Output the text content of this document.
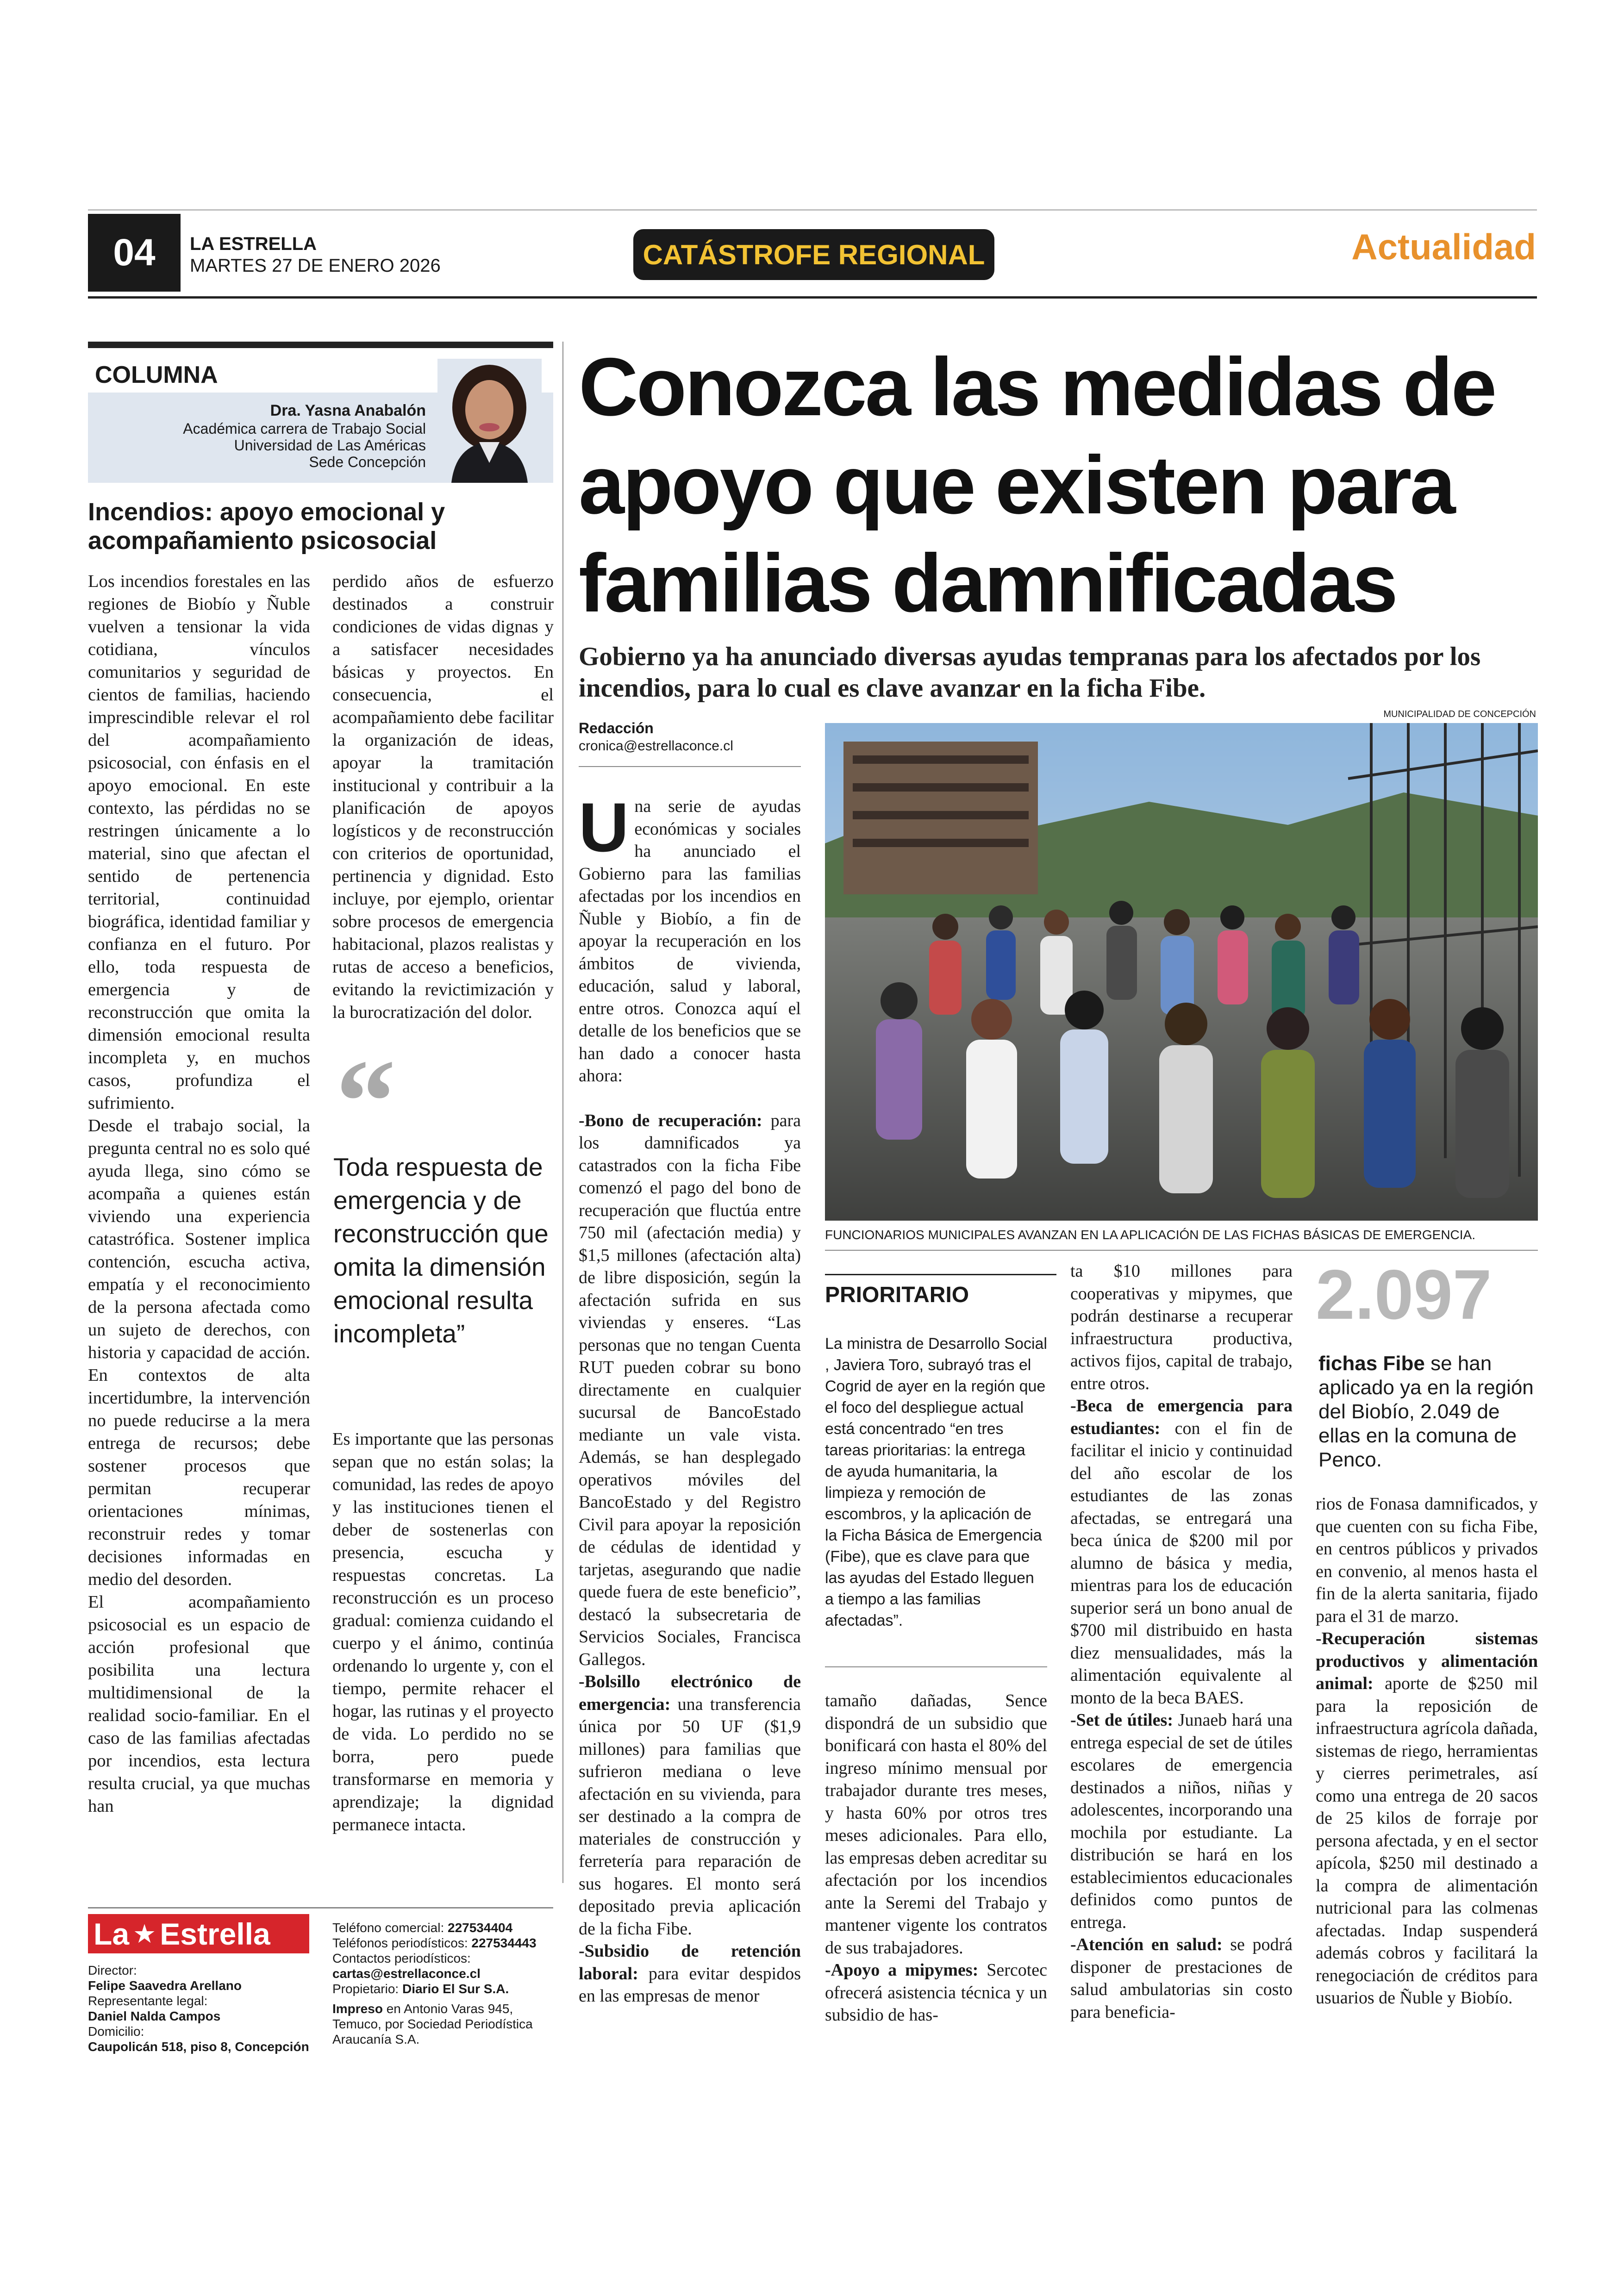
04 LA ESTRELLA
MARTES 27 DE ENERO 2026	CATÁSTROFE REGIONAL	Actualidad
COLUMNA
Dra. Yasna Anabalón
Académica carrera de Trabajo Social
Universidad de Las Américas
Sede Concepción
Incendios: apoyo emocional y acompañamiento psicosocial

Los incendios forestales en las regiones de Biobío y Ñuble vuelven a tensionar la vida cotidiana, vínculos comunitarios y seguridad de cientos de familias, haciendo imprescindible relevar el rol del acompañamiento psicosocial, con énfasis en el apoyo emocional. En este contexto, las pérdidas no se restringen únicamente a lo material, sino que afectan el sentido de pertenencia territorial, continuidad biográfica, identidad familiar y confianza en el futuro. Por ello, toda respuesta de emergencia y de reconstrucción que omita la dimensión emocional resulta incompleta y, en muchos casos, profundiza el sufrimiento.

Desde el trabajo social, la pregunta central no es solo qué ayuda llega, sino cómo se acompaña a quienes están viviendo una experiencia catastrófica. Sostener implica contención, escucha activa, empatía y el reconocimiento de la persona afectada como un sujeto de derechos, con historia y capacidad de acción. En contextos de alta incertidumbre, la intervención no puede reducirse a la mera entrega de recursos; debe sostener procesos que permitan recuperar orientaciones mínimas, reconstruir redes y tomar decisiones informadas en medio del desorden.

El acompañamiento psicosocial es un espacio de acción profesional que posibilita una lectura multidimensional de la realidad socio-familiar. En el caso de las familias afectadas por incendios, esta lectura resulta crucial, ya que muchas han

perdido años de esfuerzo destinados a construir condiciones de vidas dignas y a satisfacer necesidades básicas y proyectos. En consecuencia, el acompañamiento debe facilitar la organización de ideas, apoyar la tramitación institucional y contribuir a la planificación de apoyos logísticos y de reconstrucción con criterios de oportunidad, pertinencia y dignidad. Esto incluye, por ejemplo, orientar sobre procesos de emergencia habitacional, plazos realistas y rutas de acceso a beneficios, evitando la revictimización y la burocratización del dolor.
“
Toda respuesta de emergencia y de reconstrucción que omita la dimensión emocional resulta incompleta”
Es importante que las personas sepan que no están solas; la comunidad, las redes de apoyo y las instituciones tienen el deber de sostenerlas con presencia, escucha y respuestas concretas. La reconstrucción es un proceso gradual: comienza cuidando el cuerpo y el ánimo, continúa ordenando lo urgente y, con el tiempo, permite rehacer el hogar, las rutinas y el proyecto de vida. Lo perdido no se borra, pero puede transformarse en memoria y aprendizaje; la dignidad permanece intacta.
La ★ Estrella
Director:
Felipe Saavedra Arellano
Representante legal:
Daniel Nalda Campos
Domicilio:
Caupolicán 518, piso 8, Concepción
Teléfono comercial: 227534404
Teléfonos periodísticos: 227534443
Contactos periodísticos:
cartas@estrellaconce.cl
Propietario: Diario El Sur S.A.
Impreso en Antonio Varas 945, Temuco, por Sociedad Periodística Araucanía S.A.
Conozca las medidas de apoyo que existen para familias damnificadas
Gobierno ya ha anunciado diversas ayudas tempranas para los afectados por los incendios, para lo cual es clave avanzar en la ficha Fibe.
Redacción
cronica@estrellaconce.cl
MUNICIPALIDAD DE CONCEPCIÓN
FUNCIONARIOS MUNICIPALES AVANZAN EN LA APLICACIÓN DE LAS FICHAS BÁSICAS DE EMERGENCIA.

U na serie de ayudas económicas y sociales ha anunciado el Gobierno para las familias afectadas por los incendios en Ñuble y Biobío, a fin de apoyar la recuperación en los ámbitos de vivienda, educación, salud y laboral, entre otros. Conozca aquí el detalle de los beneficios que se han dado a conocer hasta ahora:

-Bono de recuperación: para los damnificados ya catastrados con la ficha Fibe comenzó el pago del bono de recuperación que fluctúa entre 750 mil (afectación media) y $1,5 millones (afectación alta) de libre disposición, según la afectación sufrida en sus viviendas y enseres. “Las personas que no tengan Cuenta RUT pueden cobrar su bono directamente en cualquier sucursal de BancoEstado mediante un vale vista. Además, se han desplegado operativos móviles del BancoEstado y del Registro Civil para apoyar la reposición de cédulas de identidad y tarjetas, asegurando que nadie quede fuera de este beneficio”, destacó la subsecretaria de Servicios Sociales, Francisca Gallegos.

-Bolsillo electrónico de emergencia: una transferencia única por 50 UF ($1,9 millones) para familias que sufrieron mediana o leve afectación en su vivienda, para ser destinado a la compra de materiales de construcción y ferretería para reparación de sus hogares. El monto será depositado previa aplicación de la ficha Fibe.

-Subsidio de retención laboral: para evitar despidos en las empresas de menor

PRIORITARIO
La ministra de Desarrollo Social , Javiera Toro, subrayó tras el Cogrid de ayer en la región que el foco del despliegue actual está concentrado “en tres tareas prioritarias: la entrega de ayuda humanitaria, la limpieza y remoción de escombros, y la aplicación de la Ficha Básica de Emergencia (Fibe), que es clave para que las ayudas del Estado lleguen a tiempo a las familias afectadas”.

tamaño dañadas, Sence dispondrá de un subsidio que bonificará con hasta el 80% del ingreso mínimo mensual por trabajador durante tres meses, y hasta 60% por otros tres meses adicionales. Para ello, las empresas deben acreditar su afectación por los incendios ante la Seremi del Trabajo y mantener vigente los contratos de sus trabajadores.

-Apoyo a mipymes: Sercotec ofrecerá asistencia técnica y un subsidio de has-

ta $10 millones para cooperativas y mipymes, que podrán destinarse a recuperar infraestructura productiva, activos fijos, capital de trabajo, entre otros.

-Beca de emergencia para estudiantes: con el fin de facilitar el inicio y continuidad del año escolar de los estudiantes de las zonas afectadas, se entregará una beca única de $200 mil por alumno de básica y media, mientras para los de educación superior será un bono anual de $700 mil distribuido en hasta diez mensualidades, más la alimentación equivalente al monto de la beca BAES.

-Set de útiles: Junaeb hará una entrega especial de set de útiles escolares de emergencia destinados a niños, niñas y adolescentes, incorporando una mochila por estudiante. La distribución se hará en los establecimientos educacionales definidos como puntos de entrega.

-Atención en salud: se podrá disponer de prestaciones de salud ambulatorias sin costo para beneficia-

2.097
fichas Fibe se han aplicado ya en la región del Biobío, 2.049 de ellas en la comuna de Penco.

rios de Fonasa damnificados, y que cuenten con su ficha Fibe, en centros públicos y privados en convenio, al menos hasta el fin de la alerta sanitaria, fijado para el 31 de marzo.

-Recuperación sistemas productivos y alimentación animal: aporte de $250 mil para la reposición de infraestructura agrícola dañada, sistemas de riego, herramientas y cierres perimetrales, así como una entrega de 20 sacos de 25 kilos de forraje por persona afectada, y en el sector apícola, $250 mil destinado a la compra de alimentación nutricional para las colmenas afectadas. Indap suspenderá además cobros y facilitará la renegociación de créditos para usuarios de Ñuble y Biobío.
